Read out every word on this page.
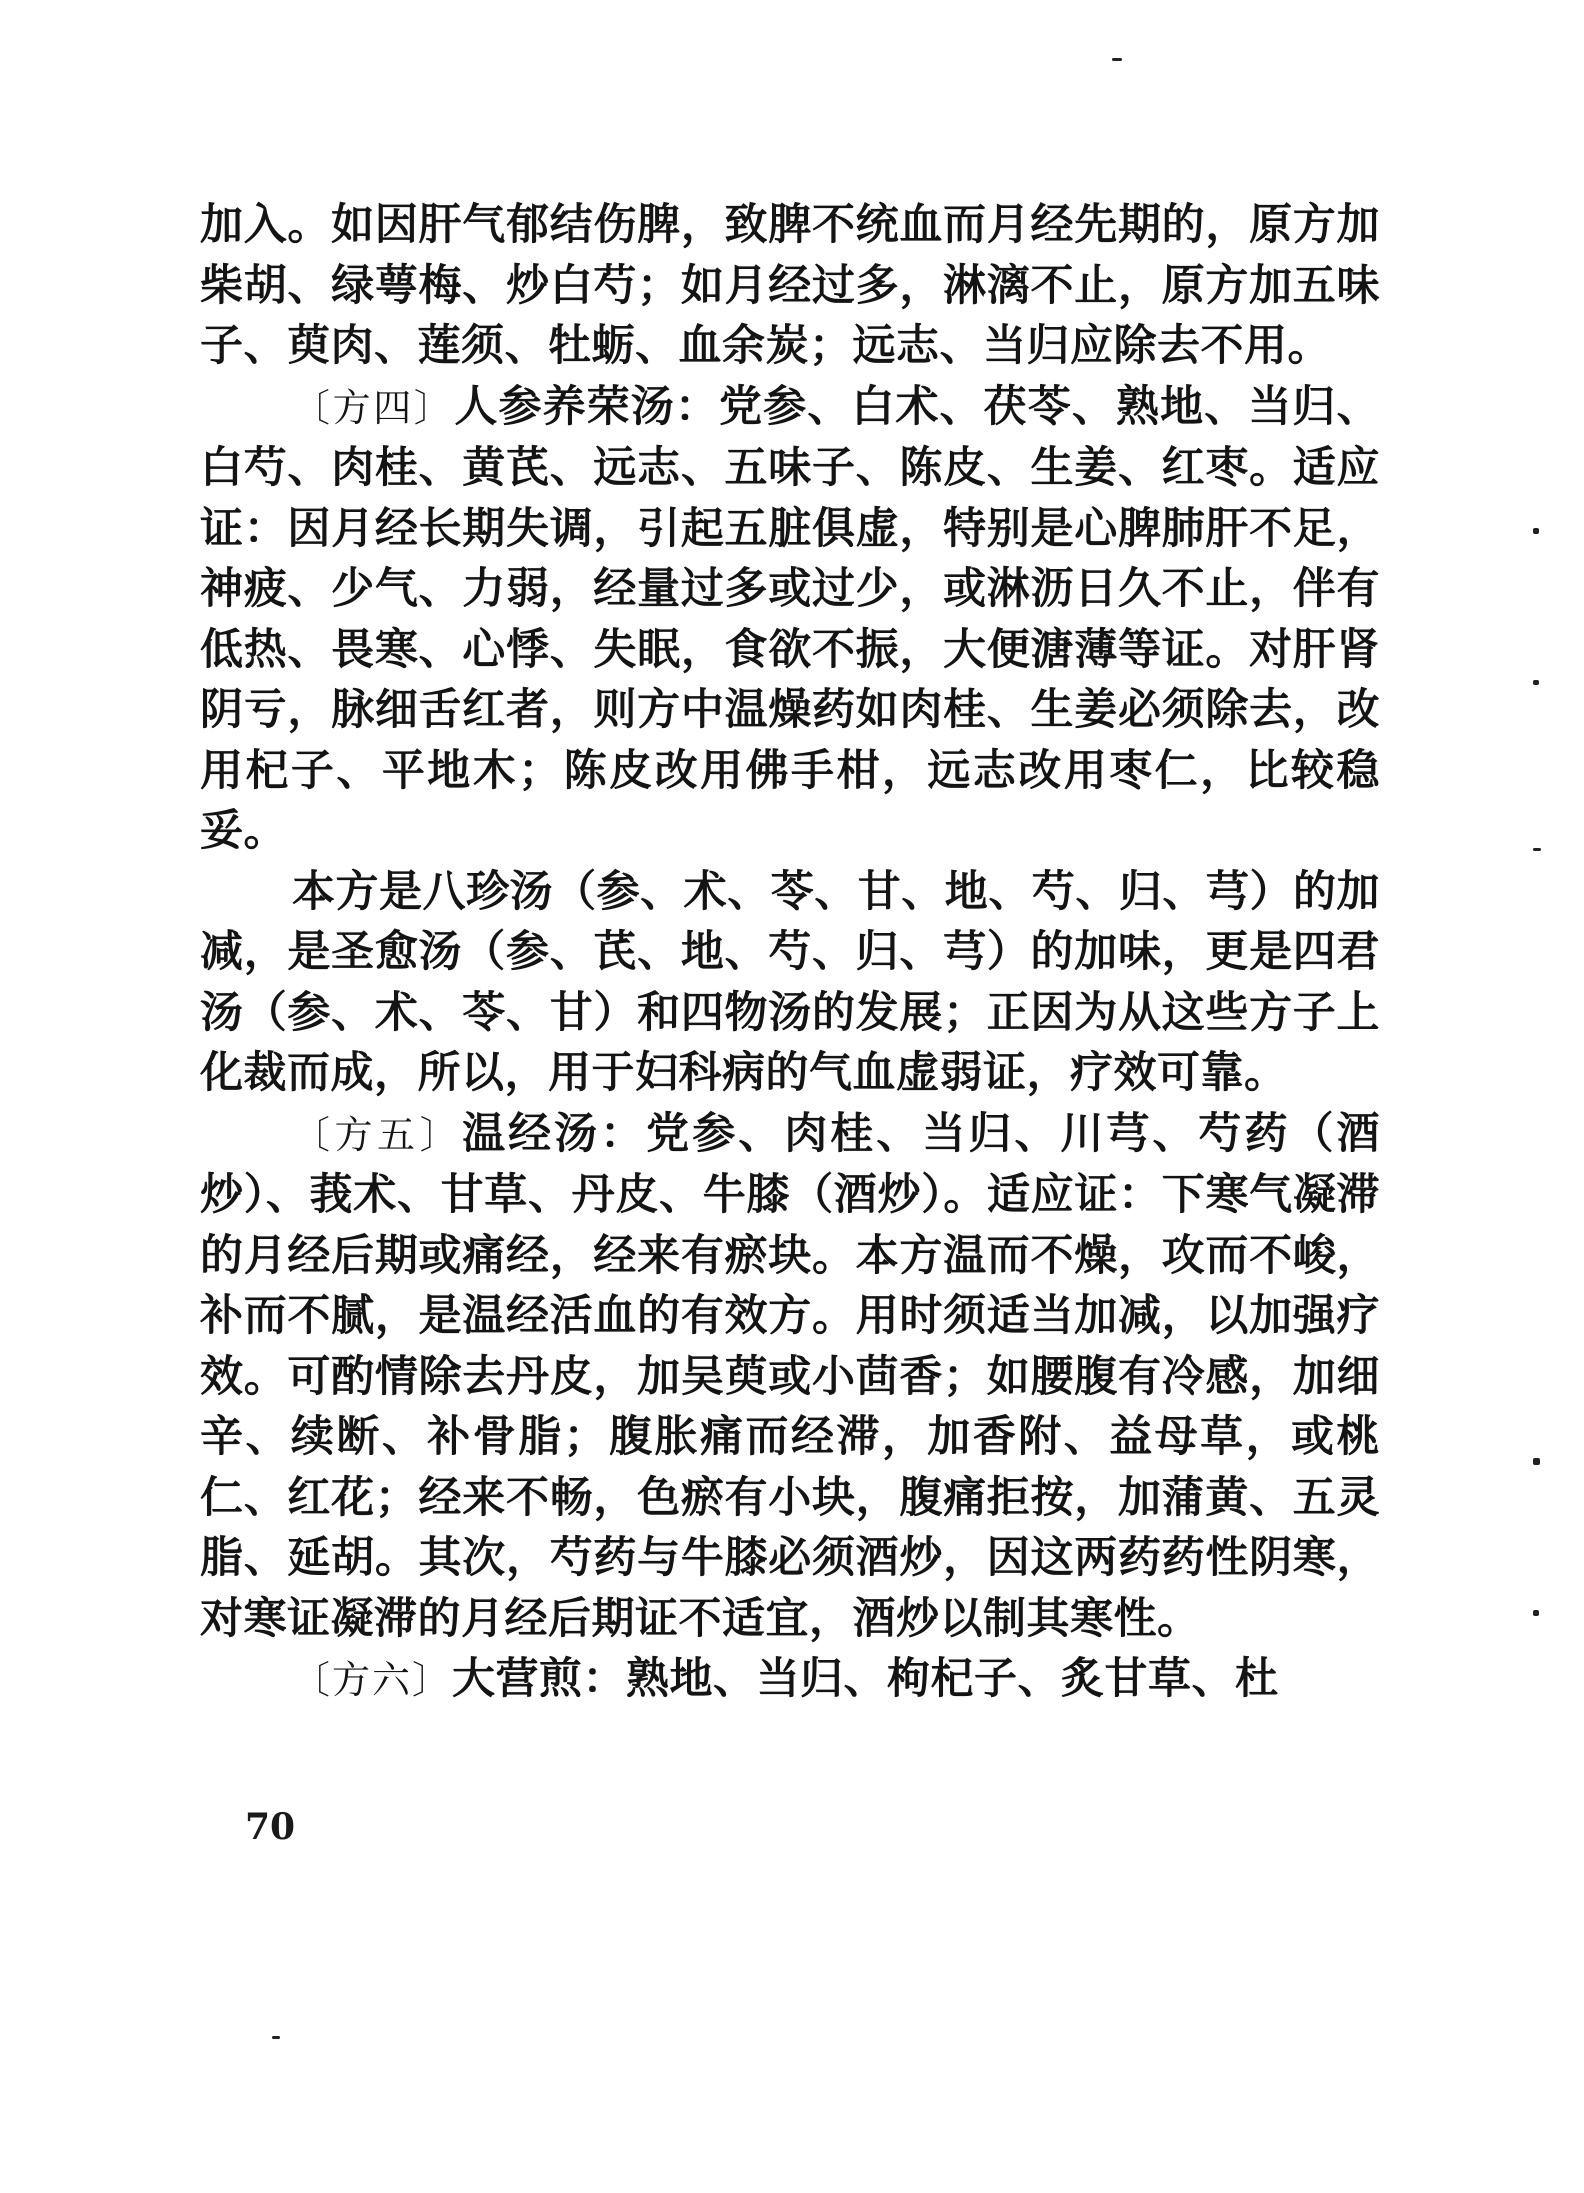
加入。如因肝气郁结伤脾，致脾不统血而月经先期的，原方加柴胡、绿萼梅、炒白芍；如月经过多，淋漓不止，原方加五味子、萸肉、莲须、牡蛎、血余炭；远志、当归应除去不用。

〔方四〕人参养荣汤：党参、白术、茯苓、熟地、当归、白芍、肉桂、黄芪、远志、五味子、陈皮、生姜、红枣。适应证：因月经长期失调，引起五脏俱虚，特别是心脾肺肝不足，神疲、少气、力弱，经量过多或过少，或淋沥日久不止，伴有低热、畏寒、心悸、失眠，食欲不振，大便溏薄等证。对肝肾阴亏，脉细舌红者，则方中温燥药如肉桂、生姜必须除去，改用杞子、平地木；陈皮改用佛手柑，远志改用枣仁，比较稳妥。

本方是八珍汤（参、术、苓、甘、地、芍、归、芎）的加减，是圣愈汤（参、芪、地、芍、归、芎）的加味，更是四君汤（参、术、苓、甘）和四物汤的发展；正因为从这些方子上化裁而成，所以，用于妇科病的气血虚弱证，疗效可靠。

〔方五〕温经汤：党参、肉桂、当归、川芎、芍药（酒炒）、莪术、甘草、丹皮、牛膝（酒炒）。适应证：下寒气凝滞的月经后期或痛经，经来有瘀块。本方温而不燥，攻而不峻，补而不腻，是温经活血的有效方。用时须适当加减，以加强疗效。可酌情除去丹皮，加吴萸或小茴香；如腰腹有冷感，加细辛、续断、补骨脂；腹胀痛而经滞，加香附、益母草，或桃仁、红花；经来不畅，色瘀有小块，腹痛拒按，加蒲黄、五灵脂、延胡。其次，芍药与牛膝必须酒炒，因这两药药性阴寒，对寒证凝滞的月经后期证不适宜，酒炒以制其寒性。

〔方六〕大营煎：熟地、当归、枸杞子、炙甘草、杜

70
